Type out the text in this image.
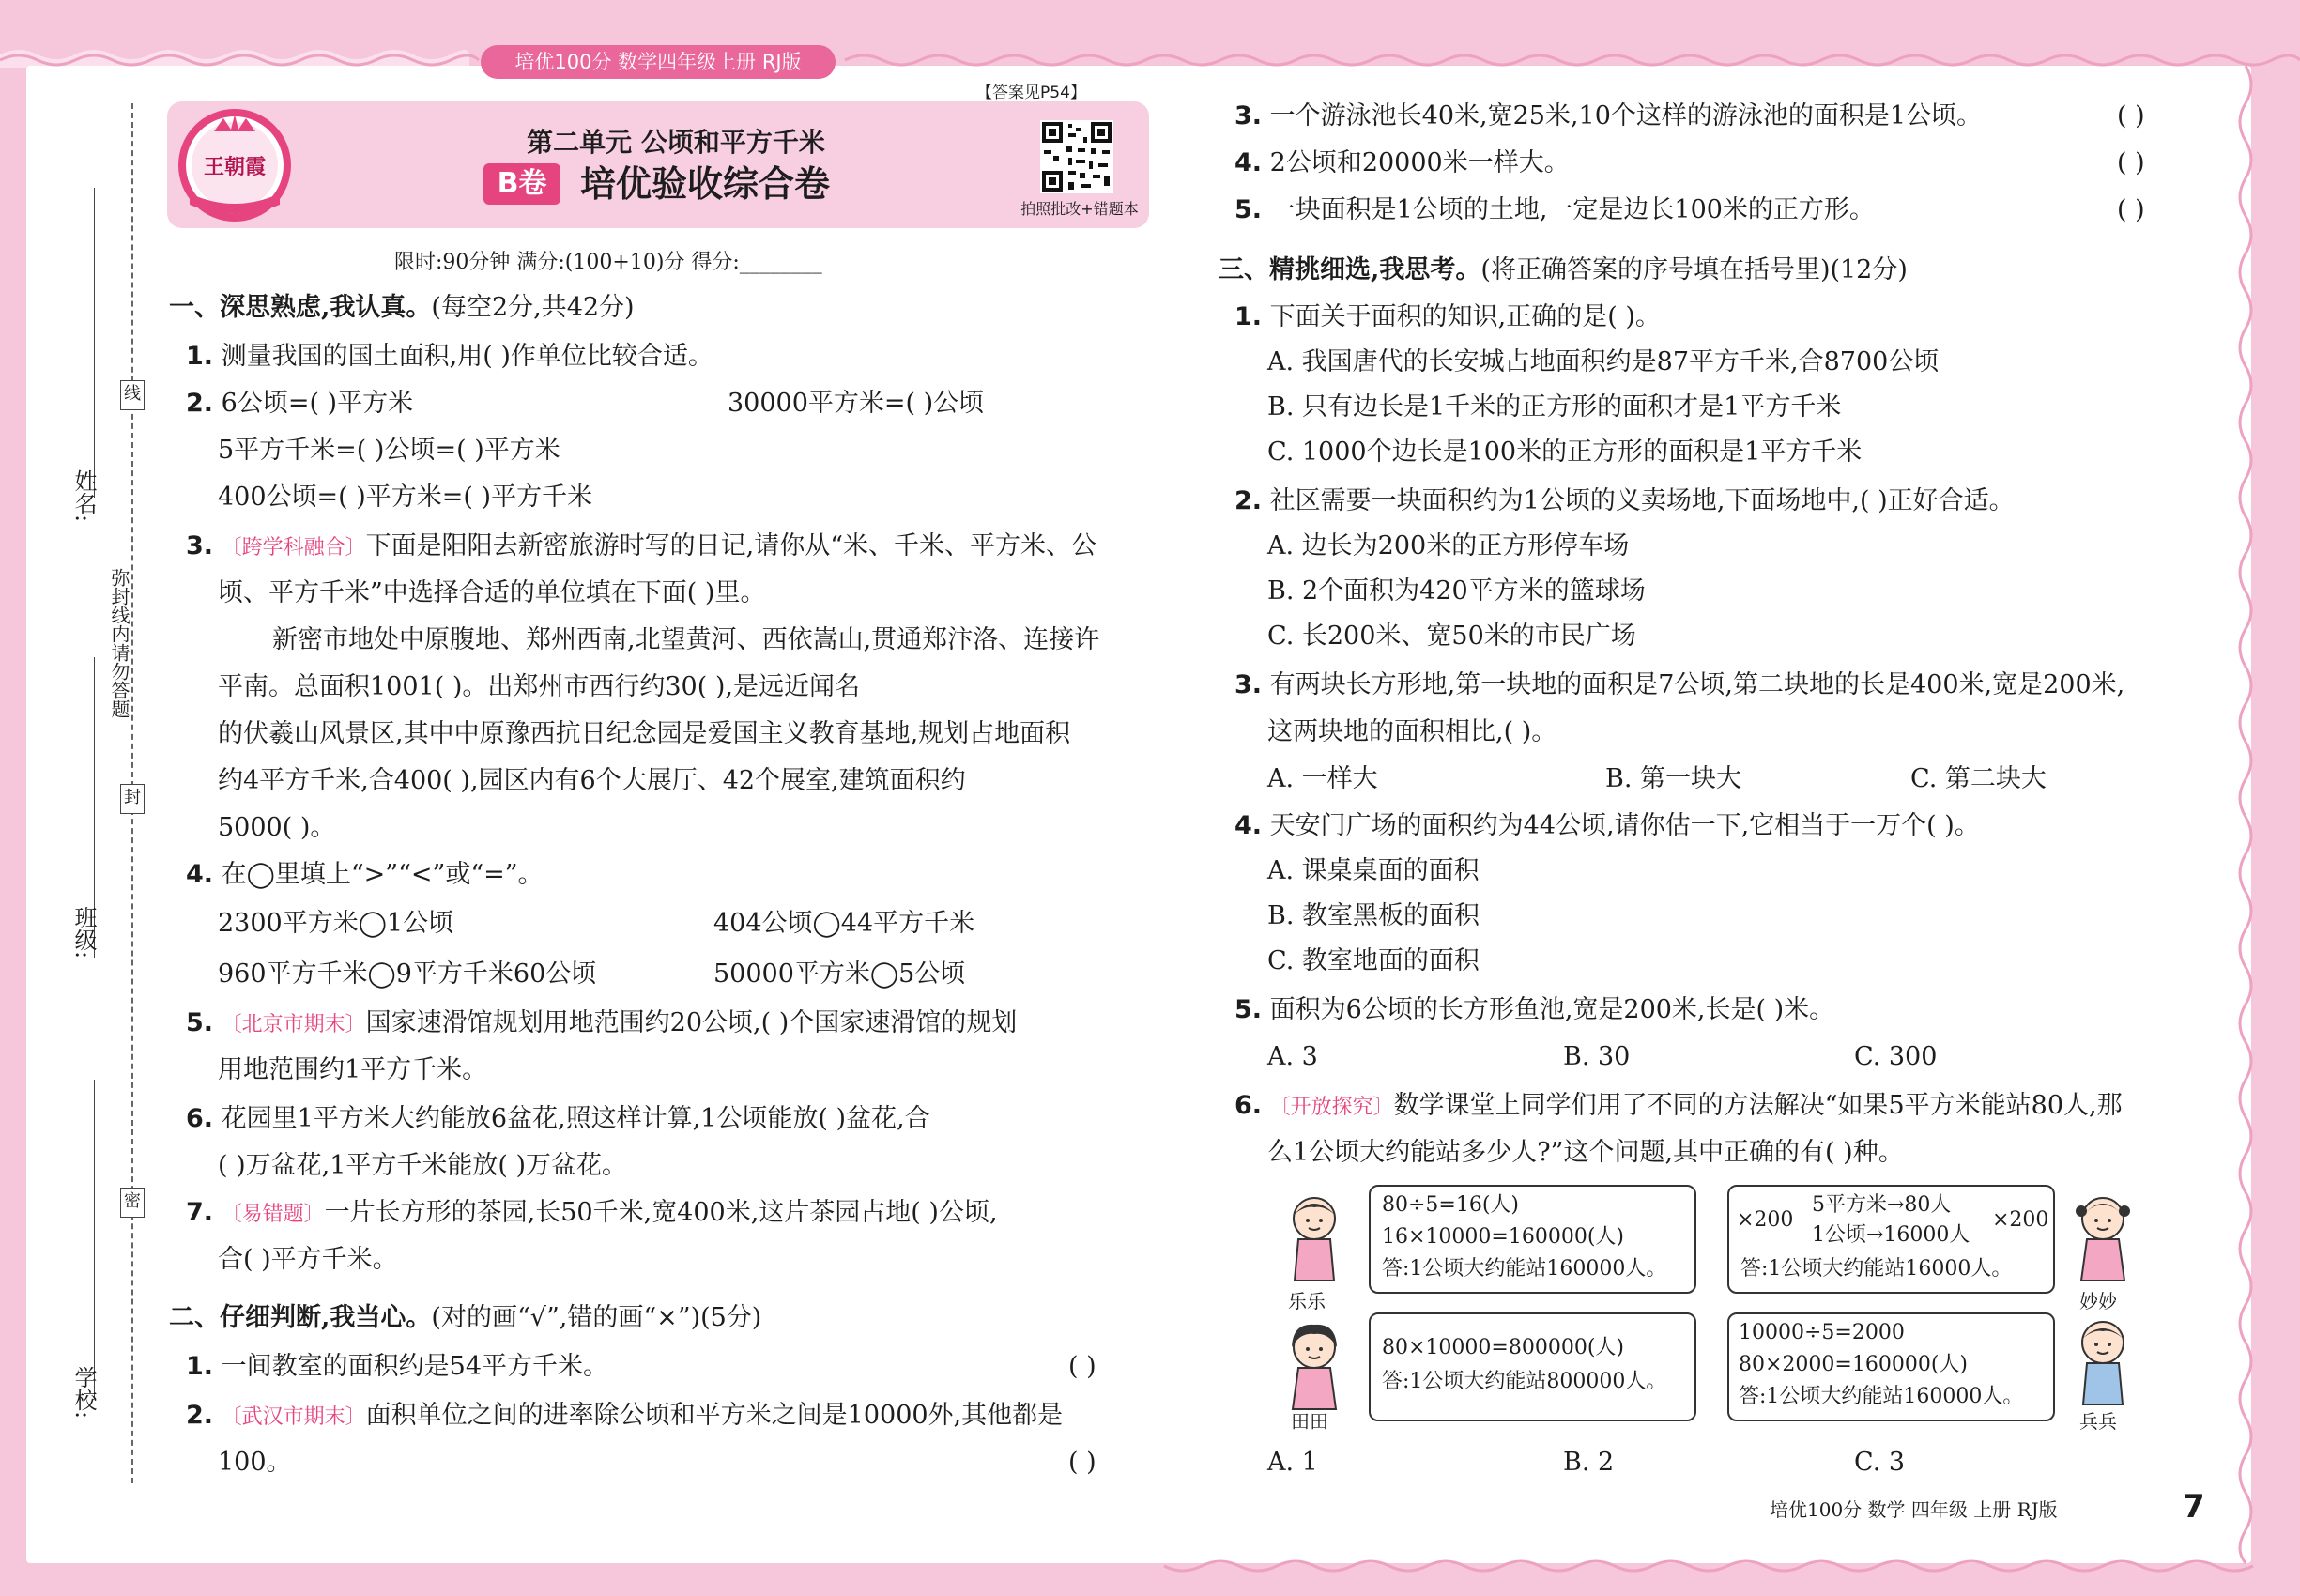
培优100分 数学四年级上册 RJ版
姓名:
线
弥封线内请勿答题
封
班级:
密
学校:
王朝霞
第二单元 公顷和平方千米
B卷 培优验收综合卷
【答案见P54】
拍照批改+错题本
限时:90分钟 满分:(100+10)分 得分:________
一、深思熟虑,我认真。(每空2分,共42分)
1. 测量我国的国土面积,用( )作单位比较合适。
2. 6公顷=( )平方米	30000平方米=( )公顷
5平方千米=( )公顷=( )平方米
400公顷=( )平方米=( )平方千米
3. 〔跨学科融合〕下面是阳阳去新密旅游时写的日记,请你从“米、千米、平方米、公
顷、平方千米”中选择合适的单位填在下面( )里。
新密市地处中原腹地、郑州西南,北望黄河、西依嵩山,贯通郑汴洛、连接许
平南。总面积1001( )。出郑州市西行约30( ),是远近闻名
的伏羲山风景区,其中中原豫西抗日纪念园是爱国主义教育基地,规划占地面积
约4平方千米,合400( ),园区内有6个大展厅、42个展室,建筑面积约
5000( )。
4. 在◯里填上“>”“<”或“=”。
2300平方米◯1公顷	404公顷◯44平方千米
960平方千米◯9平方千米60公顷	50000平方米◯5公顷
5. 〔北京市期末〕国家速滑馆规划用地范围约20公顷,( )个国家速滑馆的规划
用地范围约1平方千米。
6. 花园里1平方米大约能放6盆花,照这样计算,1公顷能放( )盆花,合
( )万盆花,1平方千米能放( )万盆花。
7. 〔易错题〕一片长方形的茶园,长50千米,宽400米,这片茶园占地( )公顷,
合( )平方千米。
二、仔细判断,我当心。(对的画“√”,错的画“×”)(5分)
1. 一间教室的面积约是54平方千米。	( )
2. 〔武汉市期末〕面积单位之间的进率除公顷和平方米之间是10000外,其他都是
100。	( )
3. 一个游泳池长40米,宽25米,10个这样的游泳池的面积是1公顷。	( )
4. 2公顷和20000米一样大。	( )
5. 一块面积是1公顷的土地,一定是边长100米的正方形。	( )
三、精挑细选,我思考。(将正确答案的序号填在括号里)(12分)
1. 下面关于面积的知识,正确的是( )。
A. 我国唐代的长安城占地面积约是87平方千米,合8700公顷
B. 只有边长是1千米的正方形的面积才是1平方千米
C. 1000个边长是100米的正方形的面积是1平方千米
2. 社区需要一块面积约为1公顷的义卖场地,下面场地中,( )正好合适。
A. 边长为200米的正方形停车场
B. 2个面积为420平方米的篮球场
C. 长200米、宽50米的市民广场
3. 有两块长方形地,第一块地的面积是7公顷,第二块地的长是400米,宽是200米,
这两块地的面积相比,( )。
A. 一样大	B. 第一块大	C. 第二块大
4. 天安门广场的面积约为44公顷,请你估一下,它相当于一万个( )。
A. 课桌桌面的面积
B. 教室黑板的面积
C. 教室地面的面积
5. 面积为6公顷的长方形鱼池,宽是200米,长是( )米。
A. 3	B. 30	C. 300
6. 〔开放探究〕数学课堂上同学们用了不同的方法解决“如果5平方米能站80人,那
么1公顷大约能站多少人?”这个问题,其中正确的有( )种。
乐乐
田田
妙妙
兵兵
80÷5=16(人)
16×10000=160000(人)
答:1公顷大约能站160000人。
×200
5平方米→80人
1公顷→16000人
×200
答:1公顷大约能站16000人。
80×10000=800000(人)
答:1公顷大约能站800000人。
10000÷5=2000
80×2000=160000(人)
答:1公顷大约能站160000人。
A. 1	B. 2	C. 3
培优100分 数学 四年级 上册 RJ版	7
